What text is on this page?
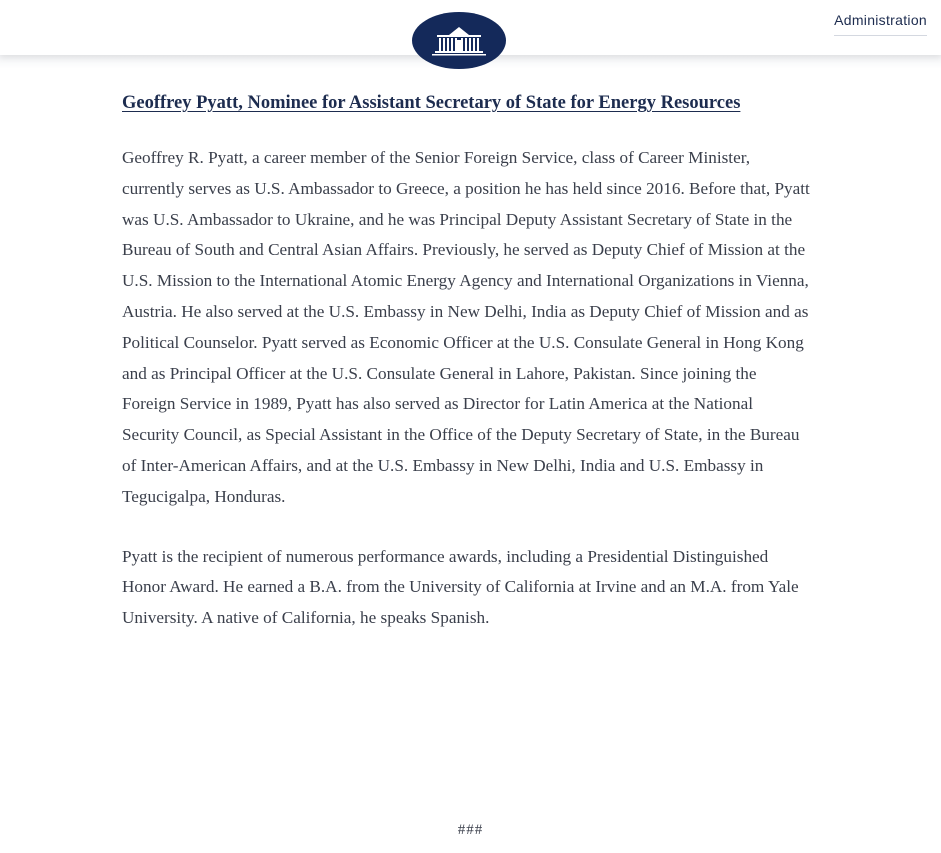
Administration
Geoffrey Pyatt, Nominee for Assistant Secretary of State for Energy Resources

Geoffrey R. Pyatt, a career member of the Senior Foreign Service, class of Career Minister, currently serves as U.S. Ambassador to Greece, a position he has held since 2016. Before that, Pyatt was U.S. Ambassador to Ukraine, and he was Principal Deputy Assistant Secretary of State in the Bureau of South and Central Asian Affairs. Previously, he served as Deputy Chief of Mission at the U.S. Mission to the International Atomic Energy Agency and International Organizations in Vienna, Austria. He also served at the U.S. Embassy in New Delhi, India as Deputy Chief of Mission and as Political Counselor. Pyatt served as Economic Officer at the U.S. Consulate General in Hong Kong and as Principal Officer at the U.S. Consulate General in Lahore, Pakistan. Since joining the Foreign Service in 1989, Pyatt has also served as Director for Latin America at the National Security Council, as Special Assistant in the Office of the Deputy Secretary of State, in the Bureau of Inter-American Affairs, and at the U.S. Embassy in New Delhi, India and U.S. Embassy in Tegucigalpa, Honduras.

Pyatt is the recipient of numerous performance awards, including a Presidential Distinguished Honor Award. He earned a B.A. from the University of California at Irvine and an M.A. from Yale University. A native of California, he speaks Spanish.

###
